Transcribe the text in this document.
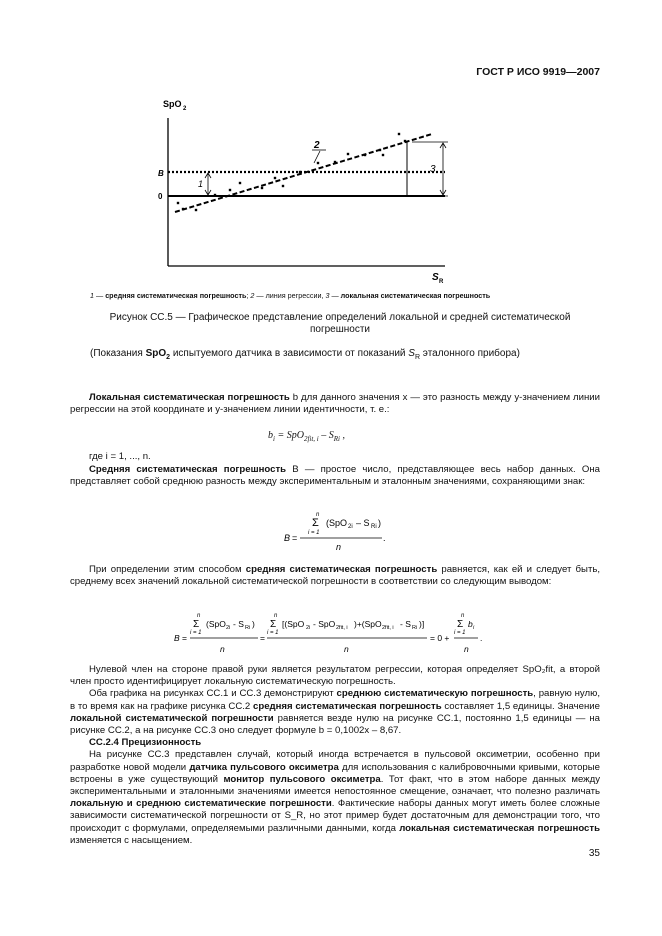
ГОСТ Р ИСО 9919—2007
SpO 2
S R
B
0
1
2
3
1 — средняя систематическая погрешность; 2 — линия регрессии, 3 — локальная систематическая погрешность
Рисунок СС.5 — Графическое представление определений локальной и средней систематической погрешности
(Показания SpO$_2$ испытуемого датчика в зависимости от показаний $S_R$ эталонного прибора)

Локальная систематическая погрешность b для данного значения x — это разность между y-значением линии регрессии на этой координате и y-значением линии идентичности, т. е.:

$b_i = SpO_{2fit, i} - S_{Ri}$ ,

где i = 1, ..., n.

Средняя систематическая погрешность B — простое число, представляющее весь набор данных. Она представляет собой среднюю разность между экспериментальным и эталонным значениями, сохраняющими знак:

n
Σ
i = 1
(SpO 2i – S Ri )
B =
n
.

При определении этим способом средняя систематическая погрешность равняется, как ей и следует быть, среднему всех значений локальной систематической погрешности в соответствии со следующим выводом:

B =
n
Σ
i = 1
(SpO 2i - S Ri )
n
=
n
Σ
i = 1
[(SpO 2i - SpO 2fit, i )+(SpO 2fit, i - S Ri )]
n
= 0 +
n
Σ
i = 1
b i
n
.

Нулевой член на стороне правой руки является результатом регрессии, которая определяет SpO₂fit, а второй член просто идентифицирует локальную систематическую погрешность.

Оба графика на рисунках СС.1 и СС.3 демонстрируют среднюю систематическую погрешность, равную нулю, в то время как на графике рисунка СС.2 средняя систематическая погрешность составляет 1,5 единицы. Значение локальной систематической погрешности равняется везде нулю на рисунке СС.1, постоянно 1,5 единицы — на рисунке СС.2, а на рисунке СС.3 оно следует формуле b = 0,1002x – 8,67.

СС.2.4 Прецизионность

На рисунке СС.3 представлен случай, который иногда встречается в пульсовой оксиметрии, особенно при разработке новой модели датчика пульсового оксиметра для использования с калибровочными кривыми, которые встроены в уже существующий монитор пульсового оксиметра. Тот факт, что в этом наборе данных между экспериментальными и эталонными значениями имеется непостоянное смещение, означает, что полезно различать локальную и среднюю систематические погрешности. Фактические наборы данных могут иметь более сложные зависимости систематической погрешности от S_R, но этот пример будет достаточным для демонстрации того, что происходит с формулами, определяемыми различными данными, когда локальная систематическая погрешность изменяется с насыщением.

35
